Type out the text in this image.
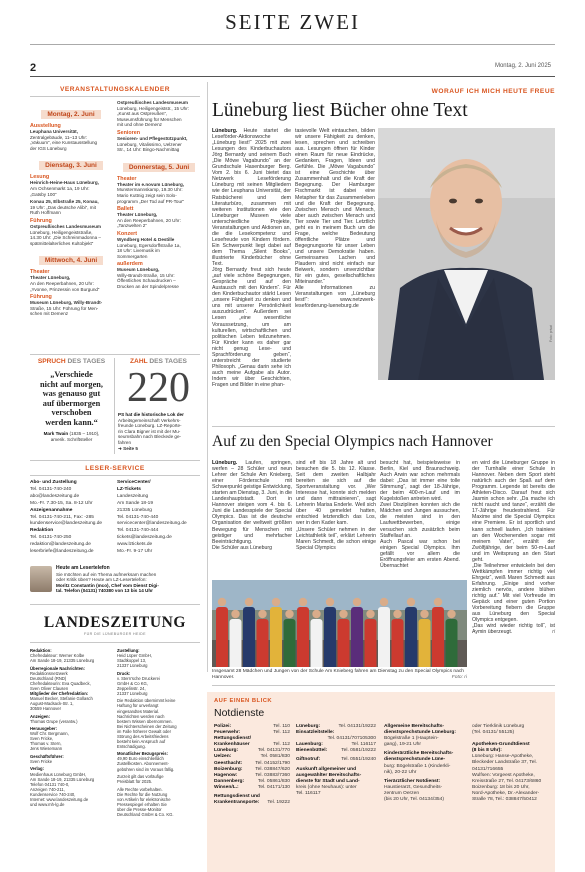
SEITE ZWEI
2	Montag, 2. Juni 2025
VERANSTALTUNGSKALENDER
Montag, 2. Juni
Ausstellung
Leuphana Universität,
Zentralgebäude, 11–13 Uhr:
„Vakuum“, eine Kunstausstellung
der IGS Lüneburg
Dienstag, 3. Juni
Lesung
Heinrich-Heine-Haus Lüneburg,
Am Ochsenmarkt 1a, 19 Uhr:
„Gatsby 100“
Konau 25, Elbstraße 25, Konau,
19 Uhr: „Das deutsche Alibi“, mit
Ruth Hoffmann
Führung
Ostpreußisches Landesmuseum
Lüneburg, Heiligengeiststraße,
14.30 Uhr: „Die Schreinmadonna –
spätmittelalterliches Kultobjekt“
Mittwoch, 4. Juni
Theater
Theater Lüneburg,
An den Reeperbahnen, 20 Uhr:
„Yvonne, Prinzessin von Burgund“
Führung
Museum Lüneburg, Willy-Brandt-
Straße, 15 Uhr: Führung für Men-
schen mit Demenz
Ostpreußisches Landesmuseum
Lüneburg, Heiligengeiststr., 15 Uhr:
„Kunst aus Ostpreußen“,
Museumsführung für Menschen
mit und ohne Demenz
Senioren
Senioren- und Pflegestützpunkt,
Lüneburg, Vitalissimo, Uelzener
Str., 14 Uhr: Bingo-Nachmittag
Donnerstag, 5. Juni
Theater
Theater im e.novum Lüneburg,
Munstermannskamp, 19.30 Uhr:
Mario Kuttnig zeigt sein Solo-
programm „Der Tod auf PR-Tour“
Ballett
Theater Lüneburg,
An den Reeperbahnen, 20 Uhr:
„Tanzwelten 2“
Konzert
Wyndberg Hotel & Destille
Lüneburg, Egersdorffstraße 1a,
18 Uhr: Livemusik im
Sommergarten
außerdem
Museum Lüneburg,
Willy-Brandt-Straße, 15 Uhr:
Öffentliches Schaudrucken –
Drucken an der Spindelpresse
SPRUCH DES TAGES
„Verschiede
nicht auf morgen,
was genauso gut
auf übermorgen
verschoben
werden kann.“
Mark Twain (1835 – 1910),
amerik. Schriftsteller
ZAHL DES TAGES
220
PS hat die historische Lok der
Arbeitsgemeinschaft Verkehrs-
freunde Lüneburg. LZ-Reporte-
rin Clara Bigner ist mit der Mu-
seumsbahn nach Bleckede ge-
fahren
➜ Seite 5
LESER-SERVICE
Abo- und Zustellung
Tel. 04131-740-240
abo@landeszeitung.de
Mo.-Fr. 7.30-15, Sa. 8-12 Uhr
Anzeigenannahme
Tel. 04131-740-211, Fax: -285
kundenservice@landeszeitung.de
Redaktion
Tel. 04131-740-250
redaktion@landeszeitung.de
leserbriefe@landeszeitung.de
ServiceCenter/
LZ-Tickets
Landeszeitung
Am Sande 18-19
21335 Lüneburg
Tel. 04131-740-440
servicecenter@landeszeitung.de
Tel. 04131-740-444
tickets@landeszeitung.de
www.lztickets.de
Mo.-Fr. 9-17 Uhr
Heute am Lesertelefon
Sie möchten auf ein Thema aufmerksam machen
oder Kritik üben? Heute am LZ-Lesertelefon:
Moritz Constantin (mco), Chef vom Dienst Digi-
tal. Telefon (04131) 740380 von 13 bis 14 Uhr
LANDESZEITUNG
FÜR DIE LÜNEBURGER HEIDE
Redaktion:
Chefredakteur: Werner Kolbe
Am Sande 18-19, 21335 Lüneburg

Überregionale Nachrichten:
Redaktionsnetzwerk
Deutschland (RND)
Chefredakteurin: Eva Quadbeck,
Sven Oliver Clausen
Mitglieder der Chefredaktion:
Manuel Becker, Stefanie Gollasch
August-Madsack-Str. 1,
30559 Hannover

Anzeigen:
Thomas Grupe (verantw.)

Herausgeber:
Wolf Chr. Bergmann,
Sven Fricke,
Thomas v. Stern,
Jens Wiesemann

Geschäftsführer:
Sven Fricke

Verlag:
Medienhaus Lüneburg GmbH,
Am Sande 18-19, 21335 Lüneburg
Telefon 04131 740-0,
Anzeigen 740-211,
Kundenservice 740-240,
Internet: www.landeszeitung.de
und www.mh-lg.de
Zustellung:
Heid Lüper GmbH,
Stadtkoppel 13,
21337 Lüneburg

Druck:
v. Stern'sche Druckerei
GmbH & Co KG,
Zeppelinstr. 24,
21337 Lüneburg

Die Redaktion übernimmt keine
Haftung für unverlangt
eingesandtes Material.
Nachrichten werden nach
bestem Wissen übernommen.
Bei Nichterscheinen der Zeitung
im Falle höherer Gewalt oder
Störung des Arbeitsfriedens
besteht kein Anspruch auf
Entschädigung.

Monatlicher Bezugspreis:
49,90 Euro einschließlich
Zustellkosten. Abonnement-
gebühren sind im Voraus fällig.

Zurzeit gilt das vorläufige
Preisblatt für 2025.

Alle Rechte vorbehalten.
Die Rechte für die Nutzung
von Artikeln für elektronische
Pressespiegel erhalten Sie
über die Presse-Monitor
Deutschland GmbH & Co. KG.
WORAUF ICH MICH HEUTE FREUE
Lüneburg liest Bücher ohne Text
Lüneburg. Heute startet die Lesefördеr-Aktionswoche „Lüneburg liest!“ 2025 mit zwei Lesungen des Kinderbuchautors Jörg Bernardy und seinem Buch „Die Möwe Vagabundo“ an der Grundschule Hasenburger Berg. Vom 2. bis 6. Juni bietet das Netzwerk Leseförderung Lüneburg mit seinen Mitgliedern wie der Leuphana Universität, der Ratsbücherei und dem Literaturbüro, zusammen mit weiteren Institutionen wie den Lüneburger Museen viele unterschiedliche Projekte, Veranstaltungen und Aktionen an, die die Lesekompetenz und Lesefreude von Kindern fördern. Ein Schwerpunkt liegt dabei auf dem Thema „Silent Books“, illustrierte Kinderbücher ohne Text.
Jörg Bernardy freut sich heute „auf viele schöne Begegnungen, Gespräche und auf den Austausch mit den Kindern“. Für den Kinderbuchautor stärkt Lesen „unsere Fähigkeit zu denken und uns mit unserer Persönlichkeit auszudrücken“. Außerdem sei Lesen „eine wesentliche Voraussetzung, um am kulturellen, wirtschaftlichen und politischen Leben teilzunehmen. Für Kinder kann es daher gar nicht genug Lese- und Sprachförderung geben“, unterstreicht der studierte Philosoph. „Genau darin sehe ich auch meine Aufgabe als Autor. Indem wir über Geschichten, Fragen und Bilder in eine phan-
tasievolle Welt eintauchen, bilden wir unsere Fähigkeit zu denken, lesen, sprechen und schreiben aus. Lesungen öffnen für Kinder einen Raum für neue Eindrücke, Gedanken, Fragen, Ideen und Gefühle. Die „Möwe Vagabundo“ ist eine Geschichte über Zusammenhalt und die Kraft der Begegnung. Der Hamburger Fischmarkt ist dabei eine Metapher für das Zusammenleben und die Kraft der Begegnung. Zwischen Mensch und Mensch, aber auch zwischen Mensch und Tier sowie Tier und Tier. Letztlich geht es in meinem Buch um die Frage, welche Bedeutung öffentliche Plätze und Begegnungsorte für unser Leben und unsere Demokratie haben. Gemeinsames Lachen und Plaudern sind nicht einfach nur Beiwerk, sondern unverzichtbar für ein gutes, gesellschaftliches Miteinander.“
Alle Informationen zu Veranstaltungen von „Lüneburg liest!“: www.netzwerk-leseförderung-lueneburg.de
Foto: privat
Auf zu den Special Olympics nach Hannover
Lüneburg. Laufen, springen, werfen – 28 Schüler und neun Lehrer der Schule Am Knieberg, einer Förderschule mit Schwerpunkt geistige Entwicklung, starten am Dienstag, 3. Juni, in die Landeshauptstadt. Dort in Hannover steigen vom 4. bis 6. Juni die Landesspiele der Special Olympics. Das ist die deutsche Organisation der weltweit größten Bewegung für Menschen mit geistiger und mehrfacher Beeinträchtigung.
Die Schüler aus Lüneburg
sind elf bis 18 Jahre alt und besuchen die 5. bis 12. Klasse. Seit dem zweiten Halbjahr bereiten sie sich auf die Sportveranstaltung vor. „Wer Interesse hat, konnte sich melden und dann mittrainieren“, sagt Lehrerin Marisa Enderle. Weil sich über 40 gemeldet hatten, entschied letztendlich das Los, wer in den Kader kam.
„Unsere Schüler nehmen in der Leichtathletik teil“, erklärt Lehrerin Maren Schmedt, die schon einige Special Olympics
besucht hat, beispielsweise in Berlin, Kiel und Braunschweig. Auch Arwin war schon mehrmals dabei: „Das ist immer eine tolle Stimmung“, sagt der 18-Jährige, der beim 400-m-Lauf und im Kugelstoßen antreten wird.
Zwei Disziplinen konnten sich die Mädchen und Jungen aussuchen, die meisten sind in den Laufwettbewerben, einige versuchen sich zusätzlich beim Staffellauf an.
Auch Pascal war schon bei einigen Special Olympics. Ihm gefällt vor allem die Eröffnungsfeier am ersten Abend. Übernachtet
en wird die Lüneburger Gruppe in der Turnhalle einer Schule in Hannover. Neben dem Sport steht natürlich auch der Spaß auf dem Programm. Legende ist bereits die Athleten-Disco. Darauf freut sich Jasmin schon sehr. „Da mache ich nicht raucht und tanze“, erzählt die 17-Jährige freudestrahlend. Für Maxime sind die Special Olympics eine Premiere. Er ist sportlich und kann schnell laufen. „Ich trainiere an den Wochenenden sogar mit meinem Vater“, erzählt der Zwölfjährige, der beim 50-m-Lauf und im Weitsprung an den Start geht.
„Die Teilnehmer entwickeln bei den Wettkämpfen immer richtig viel Ehrgeiz“, weiß Maren Schmedt aus Erfahrung. „Einige sind vorher ziemlich nervös, andere blühen richtig auf.“ Mit viel Vorfreude im Gepäck und einer guten Portion Vorbereitung fiebern die Gruppe aus Lüneburg den Special Olympics entgegen.
„Das wird wieder richtig toll“, ist Aymin überzeugt.	ri
Insgesamt 28 Mädchen und Jungen von der Schule Am Knieberg fahren am Dienstag zu den Special Olympics nach Hannover.	Foto: ri
AUF EINEN BLICK
Notdienste
Polizei:	Tel. 110
Feuerwehr:	Tel. 112
Rettungsdienst/
Krankenhäuser	Tel. 112
Lüneburg:	Tel. 04131/770
Uelzen:	Tel. 0581/830
Geesthacht:	Tel. 04152/1790
Boizenburg:	Tel. 038847/620
Hagenow:	Tel. 03883/7360
Dannenberg:	Tel. 05861/830
Winsen/L.:	Tel. 04171/130

Rettungsdienst und
Krankentransporte: Tel. 19222
Lüneburg:	Tel. 04131/19222
Einsatzleitstelle:
Tel. 04131/707105300
Lauenburg:	Tel. 116117
Bienenbüttel:	Tel. 0581/19222

Giftnotruf:	Tel. 0551/19240

Auskunft allgemeiner und ausgewählter Bereitschafts-
dienste für Stadt und Land-
kreis (ohne Neuhaus): unter
Tel. 116117
Allgemeine Bereitschafts-
dienstsprechstunde Lüneburg:
Bögelstraße 1 (Hauptein-
gang), 19-21 Uhr

Kinderärztliche Bereitschafts-
dienstsprechstunde Lüne-
burg: Bögelstraße 1 (Kinderkli-
nik), 20-22 Uhr

Tierärztlicher Notdienst:
Haustierarzt, Gesundheits-
zentrum Oerzen
(bis 20 Uhr, Tel. 04134/354)
oder Tierklinik Lüneburg
(Tel. 04131/ 55125)

Apotheken-Grundtdienst
(8 bis 8 Uhr):
Lüneburg: Hanse-Apotheke,
Bleckeder Landstraße 37, Tel.
04131/716655
Wulfsen: Vorgeest Apotheke,
Kreisstraße 27, Tel. 04173/6860
Boizenburg: 18 bis 20 Uhr,
Nord-Apotheke, Dr.-Alexander-
Stralle 78, Tel.: 038847/50412
